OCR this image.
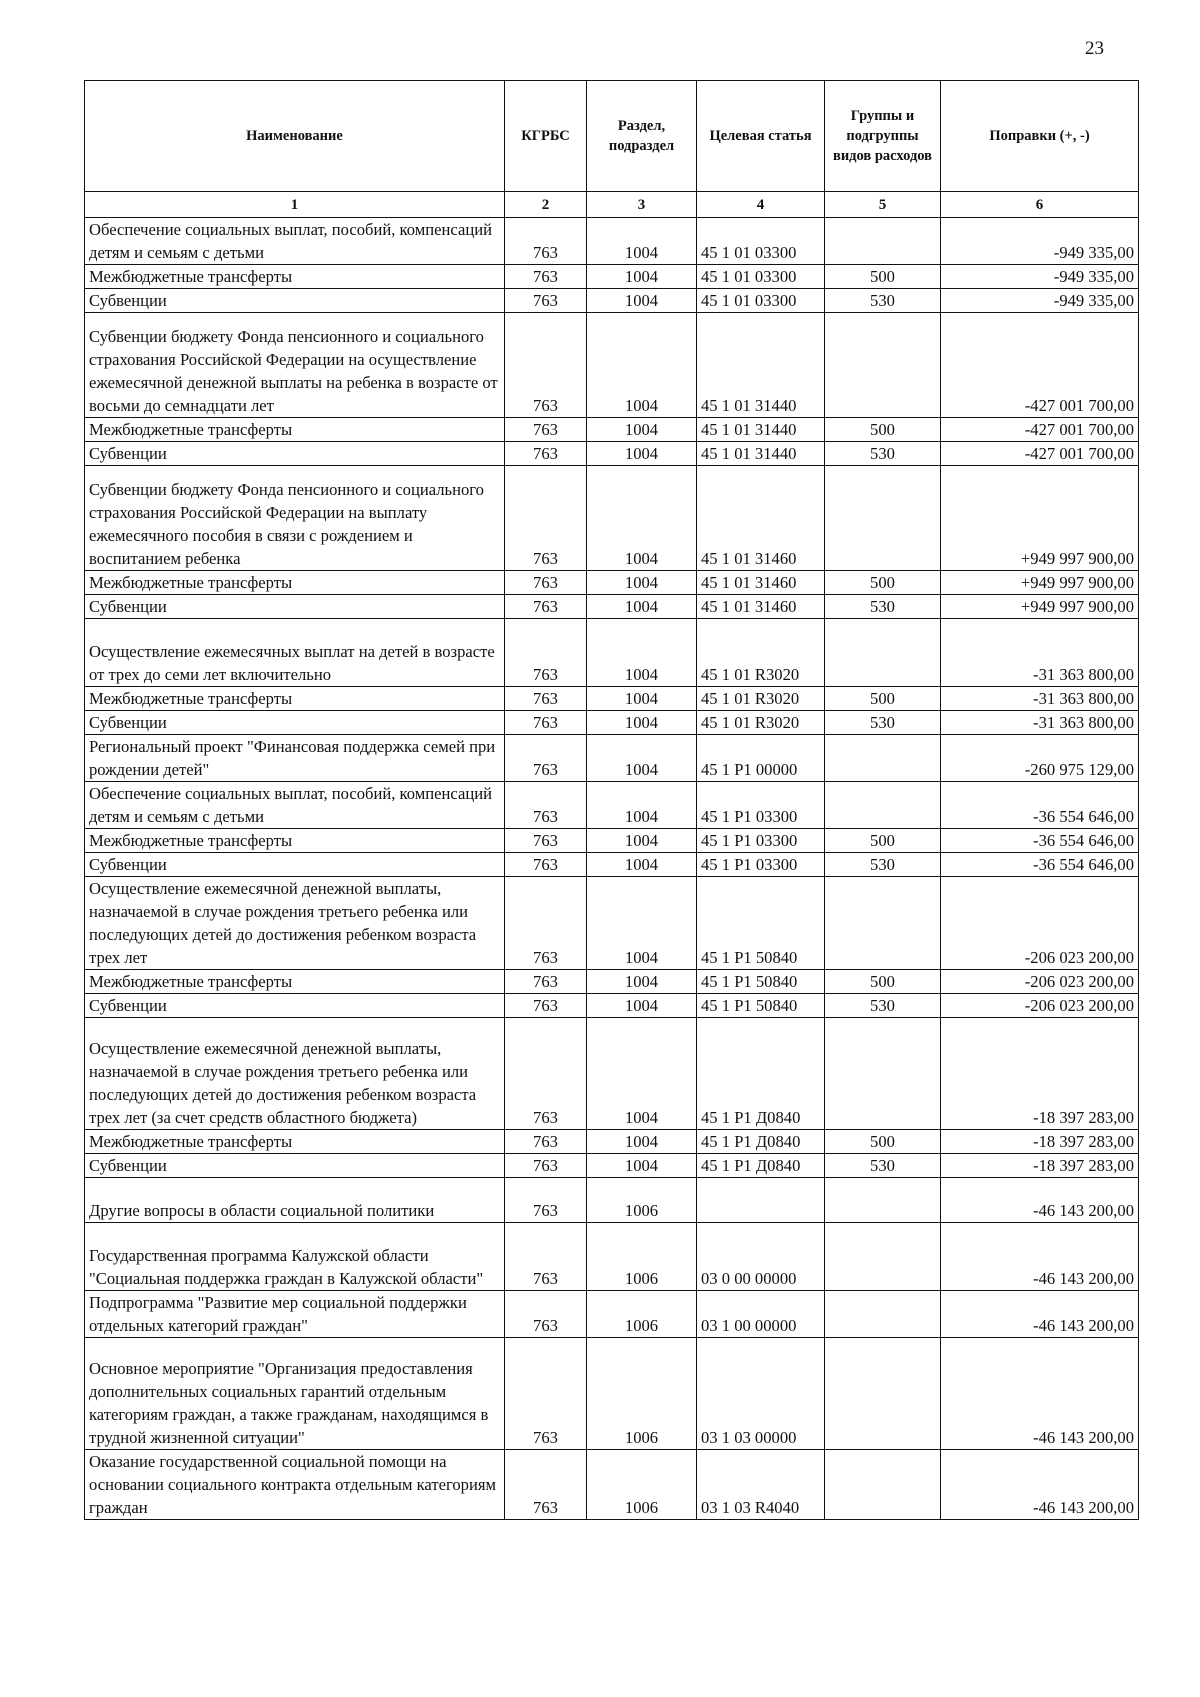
23
Наименование	КГРБС	Раздел, подраздел	Целевая статья	Группы и подгруппы видов расходов	Поправки (+, -)
1	2	3	4	5	6
Обеспечение социальных выплат, пособий, компенсаций детям и семьям с детьми	763	1004	45 1 01 03300		-949 335,00
Межбюджетные трансферты	763	1004	45 1 01 03300	500	-949 335,00
Субвенции	763	1004	45 1 01 03300	530	-949 335,00
Субвенции бюджету Фонда пенсионного и социального страхования Российской Федерации на осуществление ежемесячной денежной выплаты на ребенка в возрасте от восьми до семнадцати лет	763	1004	45 1 01 31440		-427 001 700,00
Межбюджетные трансферты	763	1004	45 1 01 31440	500	-427 001 700,00
Субвенции	763	1004	45 1 01 31440	530	-427 001 700,00
Субвенции бюджету Фонда пенсионного и социального страхования Российской Федерации на выплату ежемесячного пособия в связи с рождением и воспитанием ребенка	763	1004	45 1 01 31460		+949 997 900,00
Межбюджетные трансферты	763	1004	45 1 01 31460	500	+949 997 900,00
Субвенции	763	1004	45 1 01 31460	530	+949 997 900,00
Осуществление ежемесячных выплат на детей в возрасте от трех до семи лет включительно	763	1004	45 1 01 R3020		-31 363 800,00
Межбюджетные трансферты	763	1004	45 1 01 R3020	500	-31 363 800,00
Субвенции	763	1004	45 1 01 R3020	530	-31 363 800,00
Региональный проект "Финансовая поддержка семей при рождении детей"	763	1004	45 1 P1 00000		-260 975 129,00
Обеспечение социальных выплат, пособий, компенсаций детям и семьям с детьми	763	1004	45 1 P1 03300		-36 554 646,00
Межбюджетные трансферты	763	1004	45 1 P1 03300	500	-36 554 646,00
Субвенции	763	1004	45 1 P1 03300	530	-36 554 646,00
Осуществление ежемесячной денежной выплаты, назначаемой в случае рождения третьего ребенка или последующих детей до достижения ребенком возраста трех лет	763	1004	45 1 P1 50840		-206 023 200,00
Межбюджетные трансферты	763	1004	45 1 P1 50840	500	-206 023 200,00
Субвенции	763	1004	45 1 P1 50840	530	-206 023 200,00
Осуществление ежемесячной денежной выплаты, назначаемой в случае рождения третьего ребенка или последующих детей до достижения ребенком возраста трех лет (за счет средств областного бюджета)	763	1004	45 1 P1 Д0840		-18 397 283,00
Межбюджетные трансферты	763	1004	45 1 P1 Д0840	500	-18 397 283,00
Субвенции	763	1004	45 1 P1 Д0840	530	-18 397 283,00
Другие вопросы в области социальной политики	763	1006			-46 143 200,00
Государственная программа Калужской области "Социальная поддержка граждан в Калужской области"	763	1006	03 0 00 00000		-46 143 200,00
Подпрограмма "Развитие мер социальной поддержки отдельных категорий граждан"	763	1006	03 1 00 00000		-46 143 200,00
Основное мероприятие "Организация предоставления дополнительных социальных гарантий отдельным категориям граждан, а также гражданам, находящимся в трудной жизненной ситуации"	763	1006	03 1 03 00000		-46 143 200,00
Оказание государственной социальной помощи на основании социального контракта отдельным категориям граждан	763	1006	03 1 03 R4040		-46 143 200,00
